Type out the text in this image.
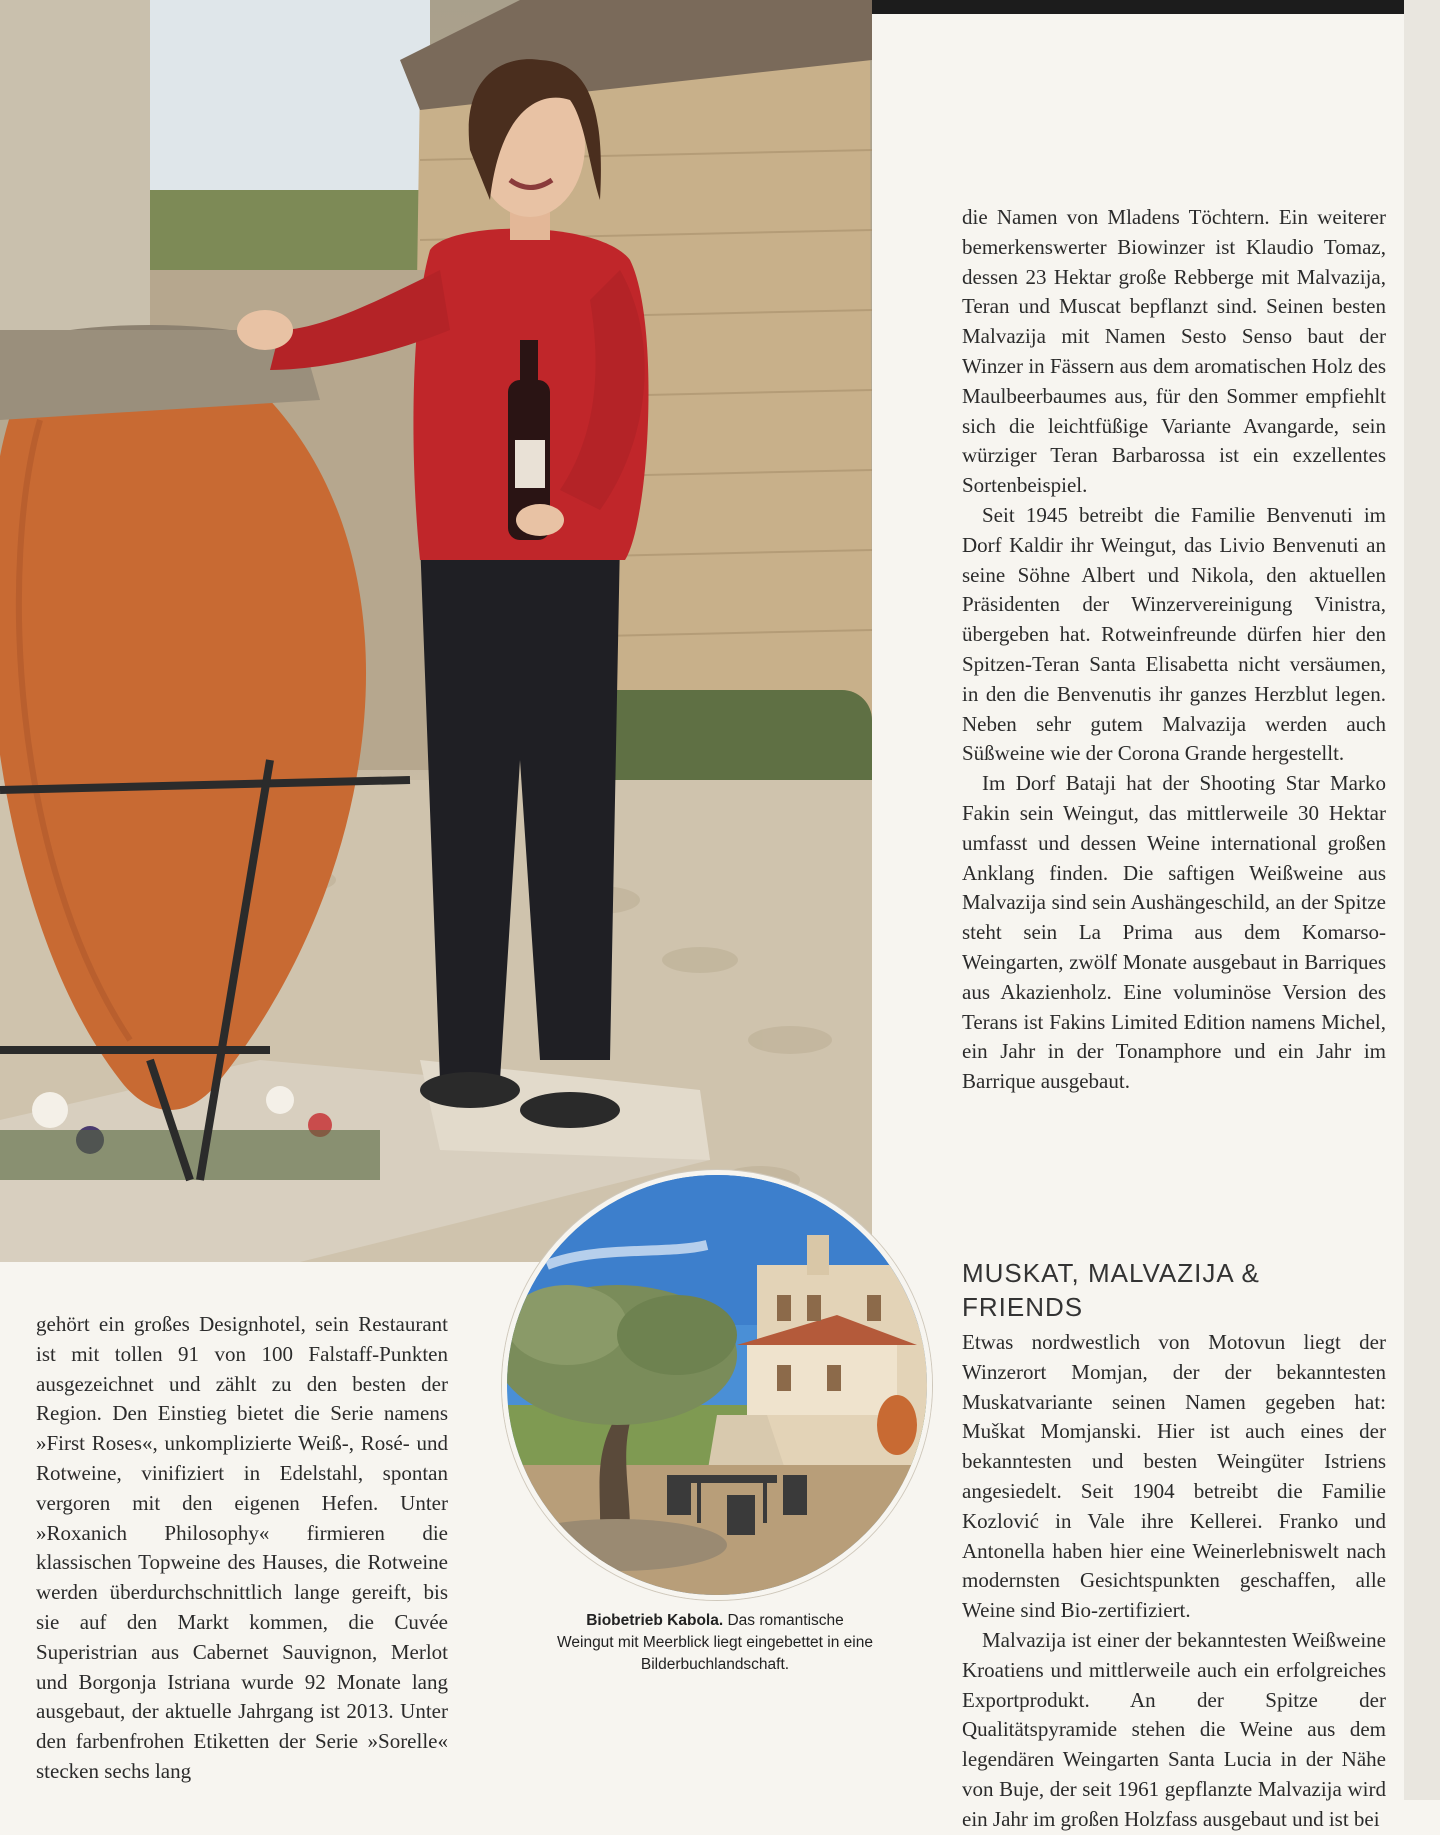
Biobetrieb Kabola. Das romantische Weingut mit Meerblick liegt eingebettet in eine Bilderbuchlandschaft.

gehört ein großes Designhotel, sein Restaurant ist mit tollen 91 von 100 Falstaff-Punkten ausgezeichnet und zählt zu den besten der Region. Den Einstieg bietet die Serie namens »First Roses«, unkomplizierte Weiß-, Rosé- und Rotweine, vinifiziert in Edelstahl, spontan vergoren mit den eigenen Hefen. Unter »Roxanich Philosophy« firmieren die klassischen Topweine des Hauses, die Rotweine werden überdurchschnittlich lange gereift, bis sie auf den Markt kommen, die Cuvée Superistrian aus Cabernet Sauvignon, Merlot und Borgonja Istriana wurde 92 Monate lang ausgebaut, der aktuelle Jahrgang ist 2013. Unter den farbenfrohen Etiketten der Serie »Sorelle« stecken sechs lang

die Namen von Mladens Töchtern. Ein weiterer bemerkenswerter Biowinzer ist Klaudio Tomaz, dessen 23 Hektar große Rebberge mit Malvazija, Teran und Muscat bepflanzt sind. Seinen besten Malvazija mit Namen Sesto Senso baut der Winzer in Fässern aus dem aromatischen Holz des Maulbeerbaumes aus, für den Sommer empfiehlt sich die leichtfüßige Variante Avangarde, sein würziger Teran Barbarossa ist ein exzellentes Sortenbeispiel.

Seit 1945 betreibt die Familie Benvenuti im Dorf Kaldir ihr Weingut, das Livio Benvenuti an seine Söhne Albert und Nikola, den aktuellen Präsidenten der Winzervereinigung Vinistra, übergeben hat. Rotweinfreunde dürfen hier den Spitzen-Teran Santa Elisabetta nicht versäumen, in den die Benvenutis ihr ganzes Herzblut legen. Neben sehr gutem Malvazija werden auch Süßweine wie der Corona Grande hergestellt.

Im Dorf Bataji hat der Shooting Star Marko Fakin sein Weingut, das mittlerweile 30 Hektar umfasst und dessen Weine international großen Anklang finden. Die saftigen Weißweine aus Malvazija sind sein Aushängeschild, an der Spitze steht sein La Prima aus dem Komarso-Weingarten, zwölf Monate ausgebaut in Barriques aus Akazienholz. Eine voluminöse Version des Terans ist Fakins Limited Edition namens Michel, ein Jahr in der Tonamphore und ein Jahr im Barrique ausgebaut.

MUSKAT, MALVAZIJA & FRIENDS

Etwas nordwestlich von Motovun liegt der Winzerort Momjan, der der bekanntesten Muskatvariante seinen Namen gegeben hat: Muškat Momjanski. Hier ist auch eines der bekanntesten und besten Weingüter Istriens angesiedelt. Seit 1904 betreibt die Familie Kozlović in Vale ihre Kellerei. Franko und Antonella haben hier eine Weinerlebniswelt nach modernsten Gesichtspunkten geschaffen, alle Weine sind Bio-zertifiziert.

Malvazija ist einer der bekanntesten Weißweine Kroatiens und mittlerweile auch ein erfolgreiches Exportprodukt. An der Spitze der Qualitätspyramide stehen die Weine aus dem legendären Weingarten Santa Lucia in der Nähe von Buje, der seit 1961 gepflanzte Malvazija wird ein Jahr im großen Holzfass ausgebaut und ist bei
